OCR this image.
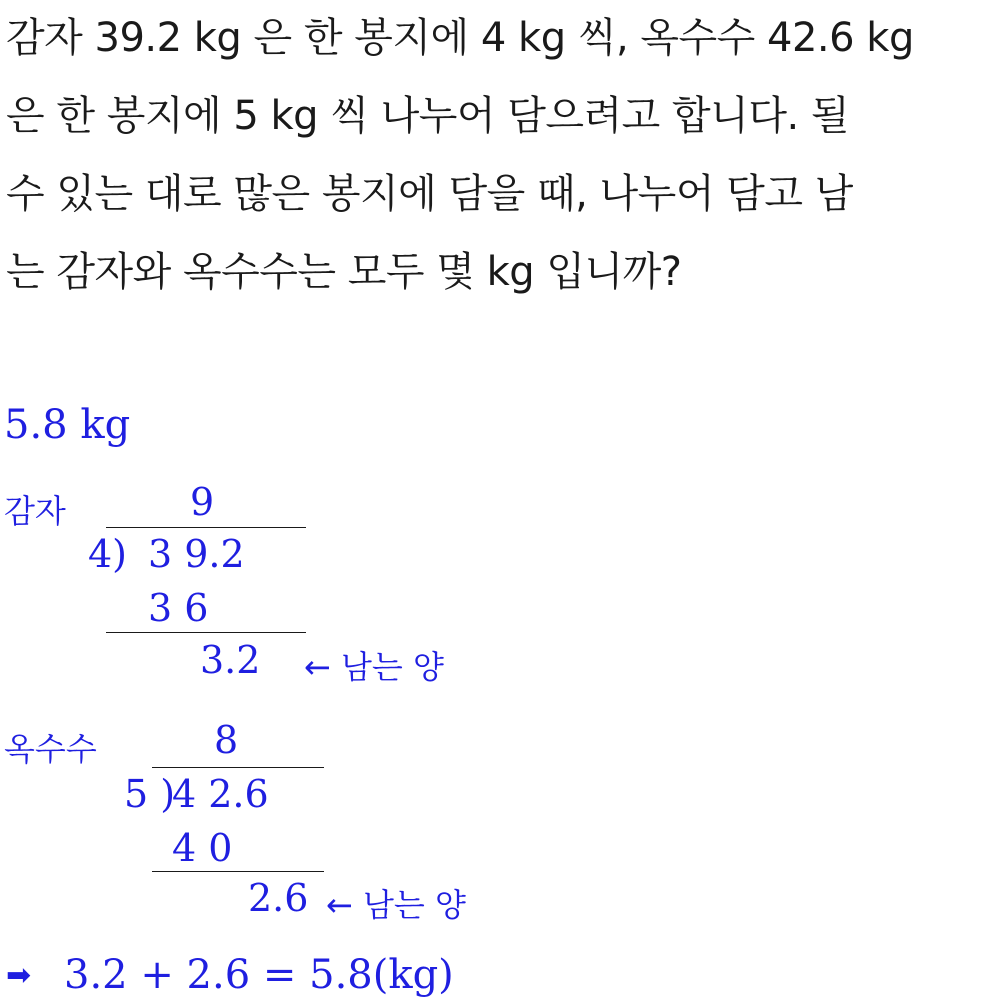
감자 39.2 kg 은 한 봉지에 4 kg 씩, 옥수수 42.6 kg
은 한 봉지에 5 kg 씩 나누어 담으려고 합니다. 될
수 있는 대로 많은 봉지에 담을 때, 나누어 담고 남
는 감자와 옥수수는 모두 몇 kg 입니까?
5.8 kg
감자	9
4) 3 9.2
3 6
3.2 ← 남는 양
옥수수	8
5 )
4 2.6
4 0
2.6 ← 남는 양
➡ 3.2 + 2.6 = 5.8(kg)
